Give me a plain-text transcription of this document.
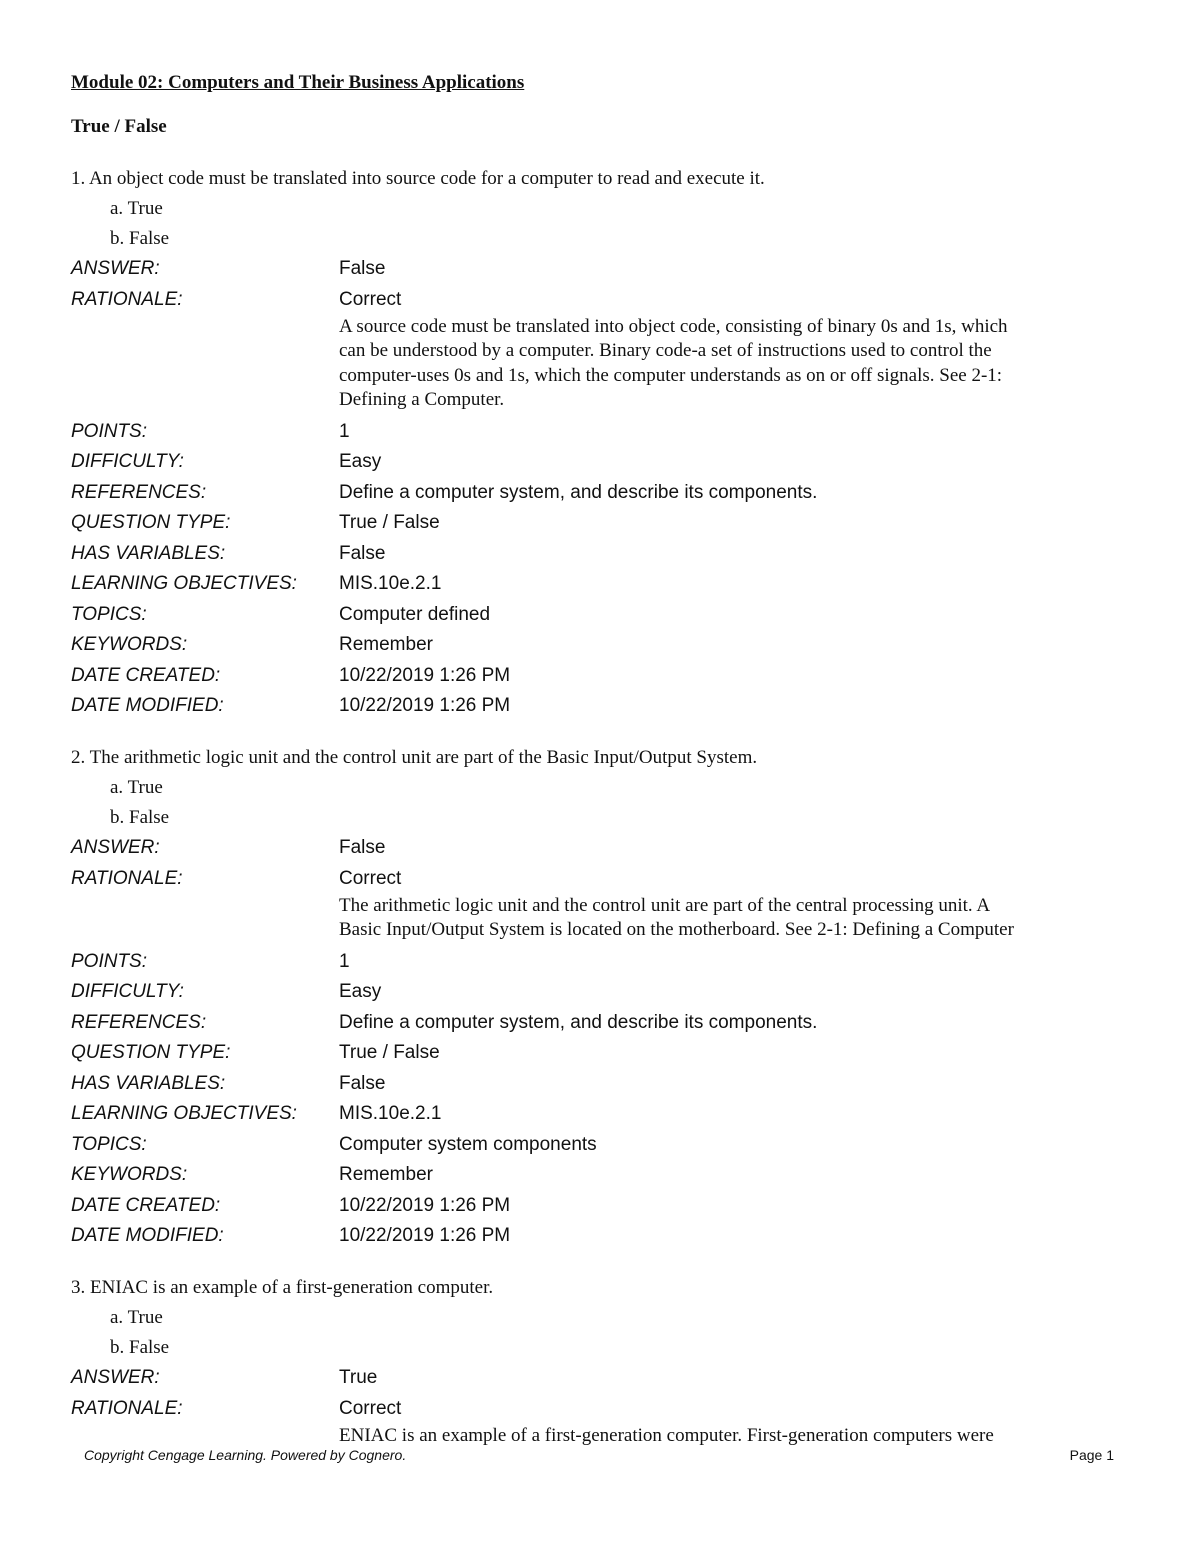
Module 02: Computers and Their Business Applications
True / False
1. An object code must be translated into source code for a computer to read and execute it.
a. True
b. False
ANSWER:	False
RATIONALE:	Correct
A source code must be translated into object code, consisting of binary 0s and 1s, which
can be understood by a computer. Binary code-a set of instructions used to control the
computer-uses 0s and 1s, which the computer understands as on or off signals. See 2-1:
Defining a Computer.
POINTS:	1
DIFFICULTY:	Easy
REFERENCES:	Define a computer system, and describe its components.
QUESTION TYPE:	True / False
HAS VARIABLES:	False
LEARNING OBJECTIVES:	MIS.10e.2.1
TOPICS:	Computer defined
KEYWORDS:	Remember
DATE CREATED:	10/22/2019 1:26 PM
DATE MODIFIED:	10/22/2019 1:26 PM
2. The arithmetic logic unit and the control unit are part of the Basic Input/Output System.
a. True
b. False
ANSWER:	False
RATIONALE:	Correct
The arithmetic logic unit and the control unit are part of the central processing unit. A
Basic Input/Output System is located on the motherboard. See 2-1: Defining a Computer
POINTS:	1
DIFFICULTY:	Easy
REFERENCES:	Define a computer system, and describe its components.
QUESTION TYPE:	True / False
HAS VARIABLES:	False
LEARNING OBJECTIVES:	MIS.10e.2.1
TOPICS:	Computer system components
KEYWORDS:	Remember
DATE CREATED:	10/22/2019 1:26 PM
DATE MODIFIED:	10/22/2019 1:26 PM
3. ENIAC is an example of a first-generation computer.
a. True
b. False
ANSWER:	True
RATIONALE:	Correct
ENIAC is an example of a first-generation computer. First-generation computers were
Copyright Cengage Learning. Powered by Cognero.	Page 1
